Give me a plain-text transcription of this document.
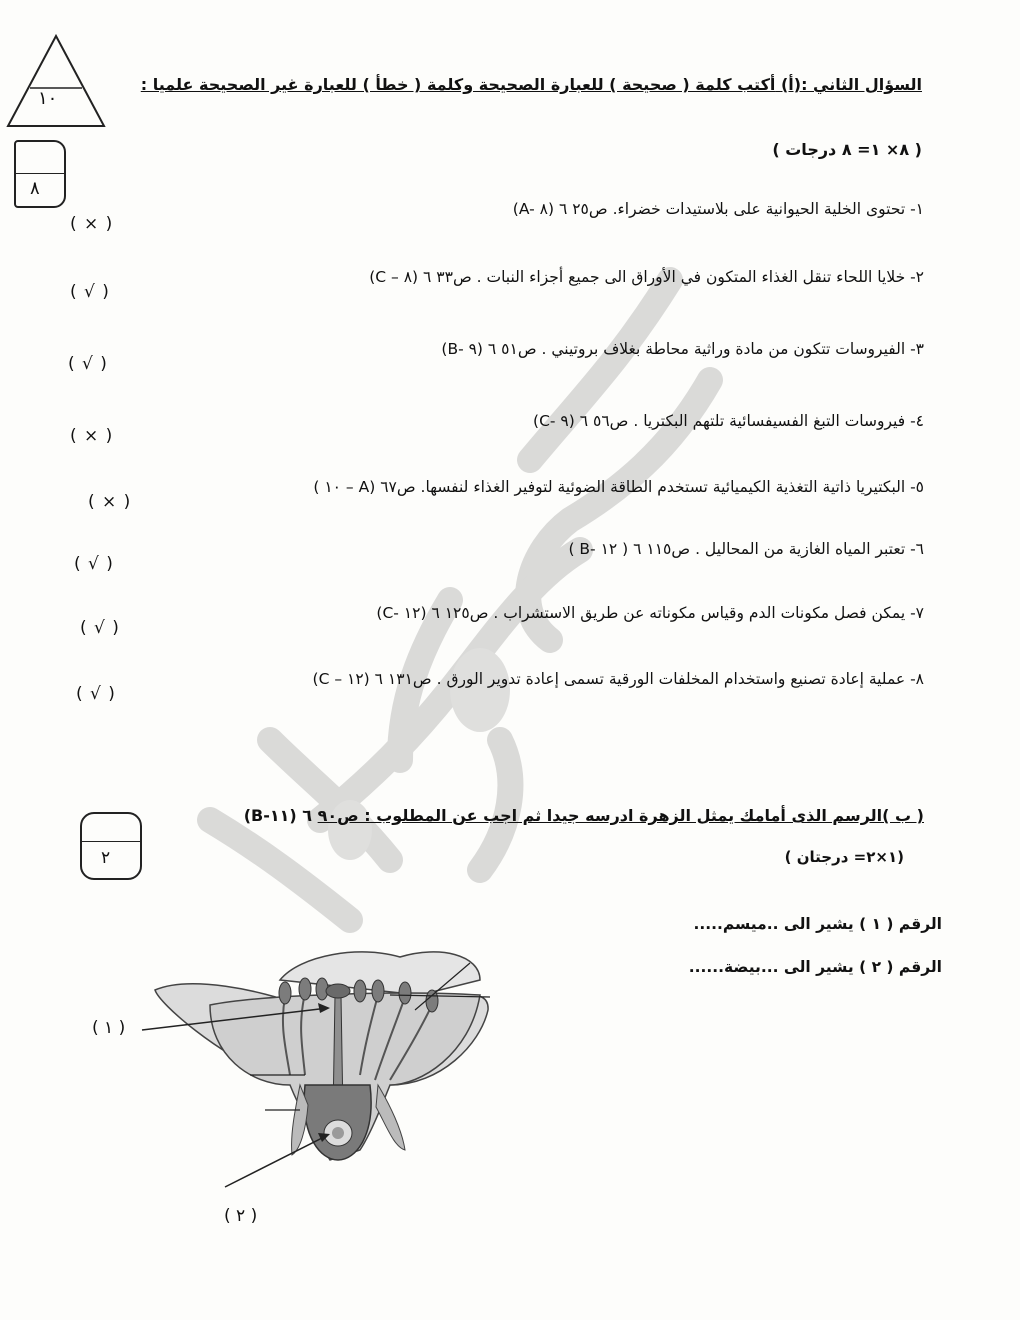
١٠
٨
السؤال الثاني :(أ) أكتب كلمة ( صحيحة ) للعبارة الصحيحة وكلمة ( خطأ ) للعبارة غير الصحيحة علميا :
( ٨× ١= ٨ درجات )
١- تحتوى الخلية الحيوانية على بلاستيدات خضراء. ص٢٥ (A- ٨) ٦
( × )
٢- خلايا اللحاء تنقل الغذاء المتكون في الأوراق الى جميع أجزاء النبات . ص٣٣ (C – ٨) ٦
( √ )
٣- الفيروسات تتكون من مادة وراثية محاطة بغلاف بروتيني . ص٥١ (B- ٩) ٦
( √ )
٤- فيروسات التبغ الفسيفسائية تلتهم البكتريا . ص٥٦ (C- ٩) ٦
( × )
٥- البكتيريا ذاتية التغذية الكيميائية تستخدم الطاقة الضوئية لتوفير الغذاء لنفسها. ص٦٧ ( ١٠ – A)
( × )
٦- تعتبر المياه الغازية من المحاليل . ص١١٥ ( B- ١٢ ) ٦
( √ )
٧- يمكن فصل مكونات الدم وقياس مكوناته عن طريق الاستشراب . ص١٢٥ (C- ١٢) ٦
( √ )
٨- عملية إعادة تصنيع واستخدام المخلفات الورقية تسمى إعادة تدوير الورق . ص١٣١ (C – ١٢) ٦
( √ )
٢
( ب )الرسم الذى أمامك يمثل الزهرة ادرسه جيدا ثم اجب عن المطلوب : ص٩٠ (B-١١) ٦
(١×٢= درجتان )
الرقم ( ١ ) يشير الى ..ميسم.....
الرقم ( ٢ ) يشير الى ...بيضة......
( ١ )
( ٢ )
